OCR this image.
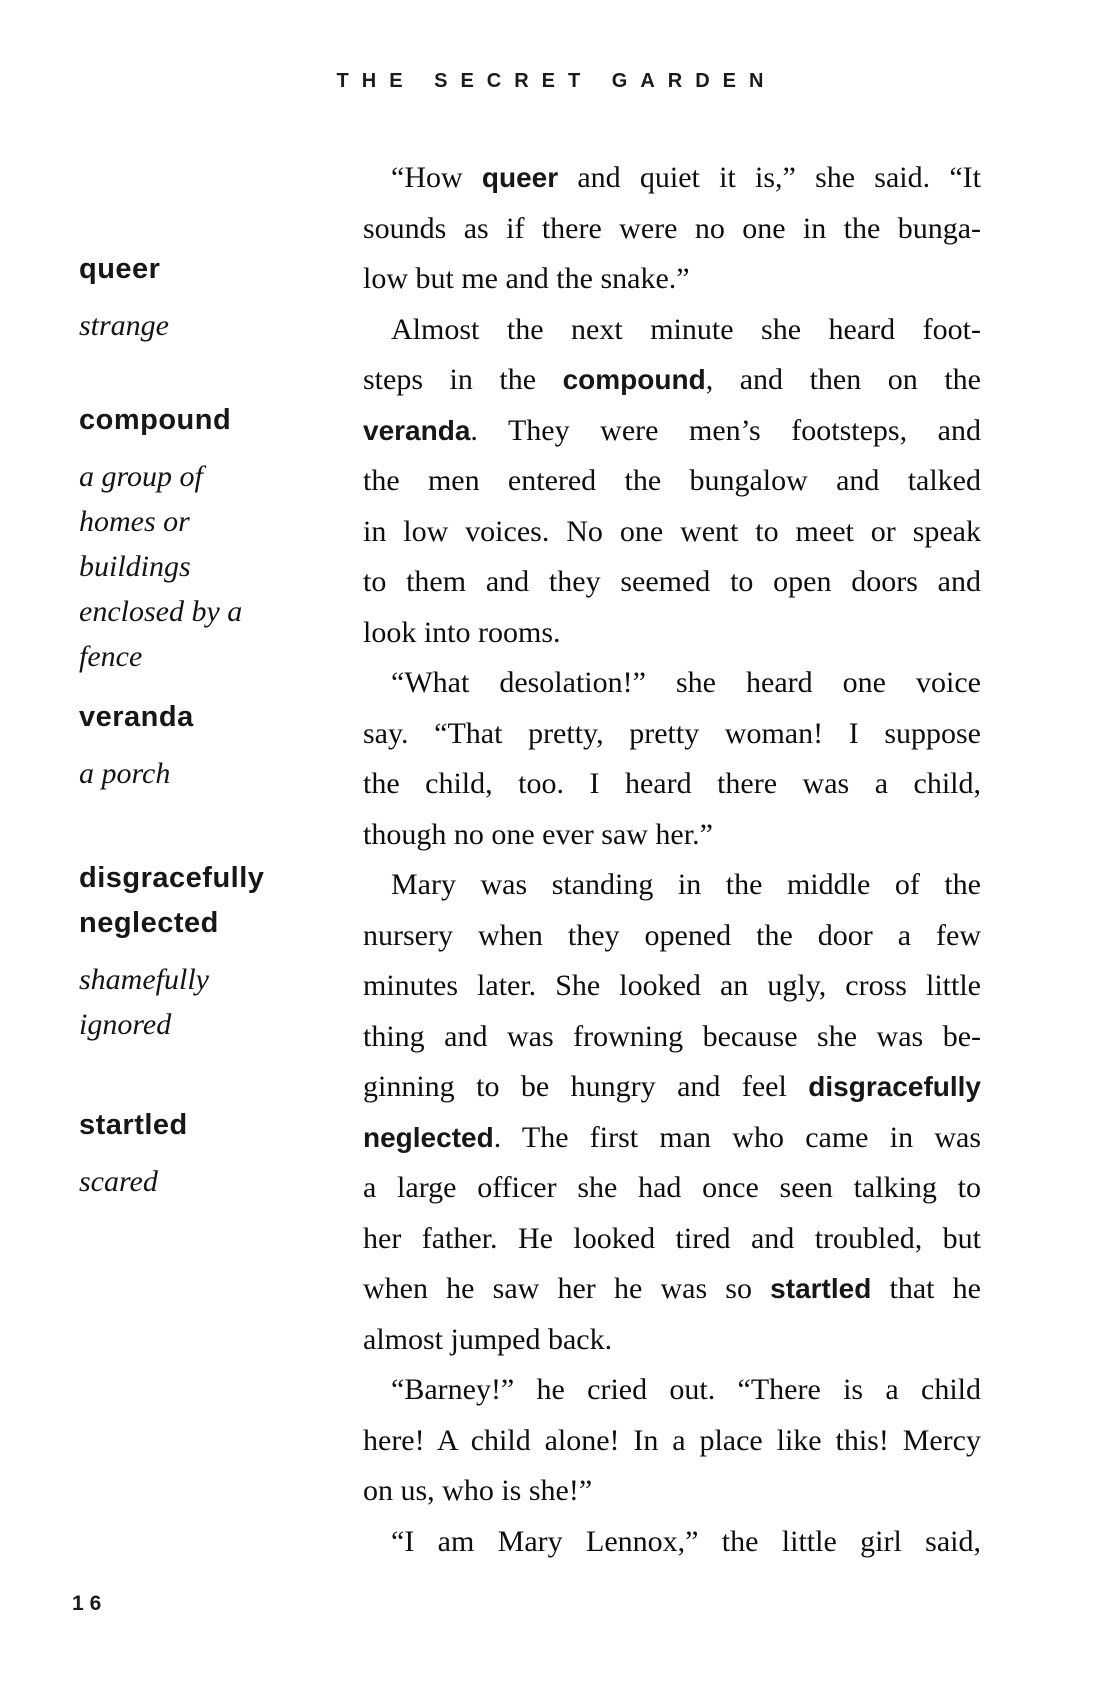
THE SECRET GARDEN
queer
strange
compound
a group of homes or buildings enclosed by a fence
veranda
a porch
disgracefully neglected
shamefully ignored
startled
scared
“How queer and quiet it is,” she said. “It
sounds as if there were no one in the bunga-
low but me and the snake.”
Almost the next minute she heard foot-
steps in the compound, and then on the
veranda. They were men’s footsteps, and
the men entered the bungalow and talked
in low voices. No one went to meet or speak
to them and they seemed to open doors and
look into rooms.
“What desolation!” she heard one voice
say. “That pretty, pretty woman! I suppose
the child, too. I heard there was a child,
though no one ever saw her.”
Mary was standing in the middle of the
nursery when they opened the door a few
minutes later. She looked an ugly, cross little
thing and was frowning because she was be-
ginning to be hungry and feel disgracefully
neglected. The first man who came in was
a large officer she had once seen talking to
her father. He looked tired and troubled, but
when he saw her he was so startled that he
almost jumped back.
“Barney!” he cried out. “There is a child
here! A child alone! In a place like this! Mercy
on us, who is she!”
“I am Mary Lennox,” the little girl said,
16
